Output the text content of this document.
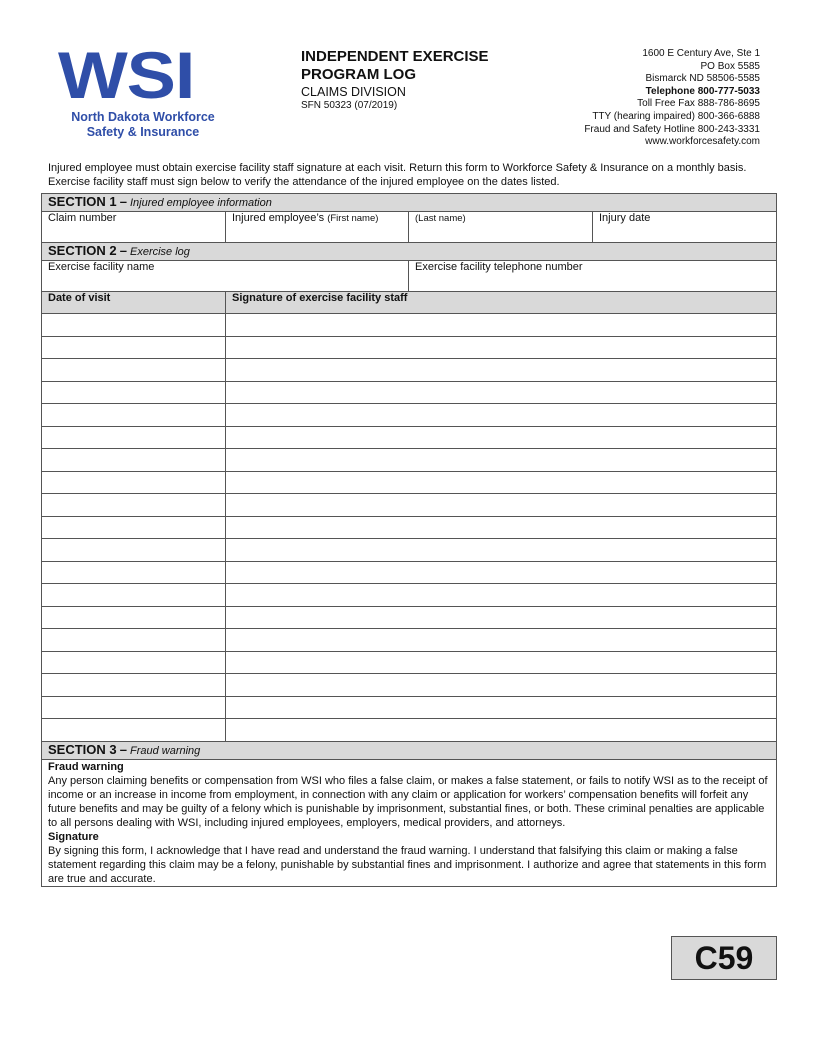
WSI
North Dakota Workforce
Safety & Insurance
INDEPENDENT EXERCISE
PROGRAM LOG
CLAIMS DIVISION
SFN 50323 (07/2019)
1600 E Century Ave, Ste 1
PO Box 5585
Bismarck ND 58506-5585
Telephone 800-777-5033
Toll Free Fax 888-786-8695
TTY (hearing impaired) 800-366-6888
Fraud and Safety Hotline 800-243-3331
www.workforcesafety.com
Injured employee must obtain exercise facility staff signature at each visit. Return this form to Workforce Safety & Insurance on a monthly basis. Exercise facility staff must sign below to verify the attendance of the injured employee on the dates listed.
SECTION 1 – Injured employee information			
Claim number	Injured employee’s (First name)	(Last name)	Injury date
SECTION 2 – Exercise log			
Exercise facility name		Exercise facility telephone number	
Date of visit	Signature of exercise facility staff		

SECTION 3 – Fraud warning			

Fraud warning
Any person claiming benefits or compensation from WSI who files a false claim, or makes a false statement, or fails to notify WSI as to the receipt of income or an increase in income from employment, in connection with any claim or application for workers’ compensation benefits will forfeit any future benefits and may be guilty of a felony which is punishable by imprisonment, substantial fines, or both. These criminal penalties are applicable to all persons dealing with WSI, including injured employees, employers, medical providers, and attorneys.
Signature
By signing this form, I acknowledge that I have read and understand the fraud warning. I understand that falsifying this claim or making a false statement regarding this claim may be a felony, punishable by substantial fines and imprisonment. I authorize and agree that statements in this form are true and accurate.			
C59
